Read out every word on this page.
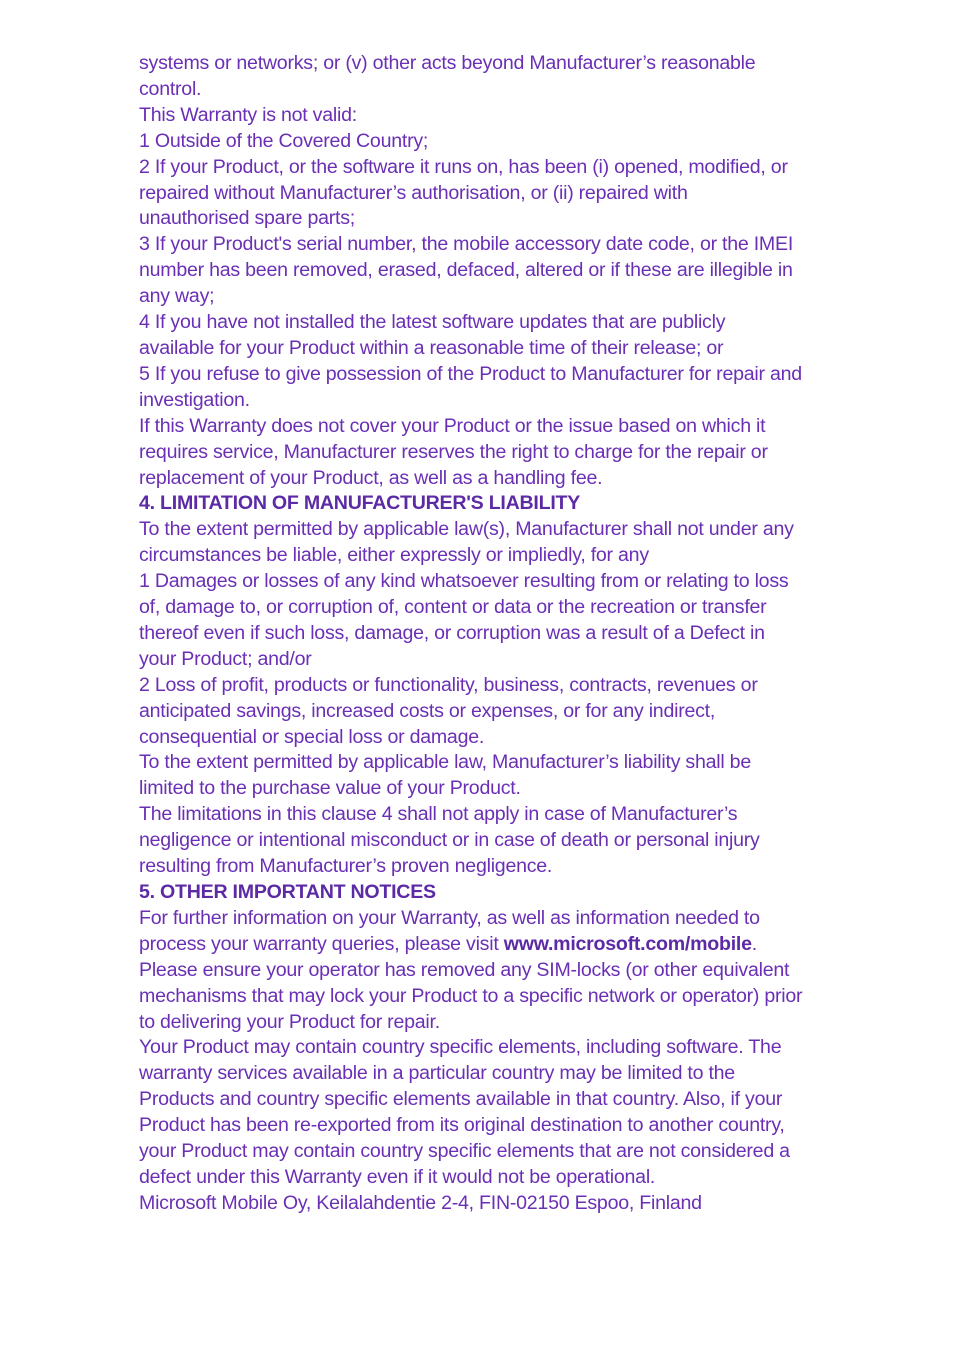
systems or networks; or (v) other acts beyond Manufacturer’s reasonable control.

This Warranty is not valid:

1 Outside of the Covered Country;

2 If your Product, or the software it runs on, has been (i) opened, modified, or repaired without Manufacturer’s authorisation, or (ii) repaired with unauthorised spare parts;

3 If your Product's serial number, the mobile accessory date code, or the IMEI number has been removed, erased, defaced, altered or if these are illegible in any way;

4 If you have not installed the latest software updates that are publicly available for your Product within a reasonable time of their release; or

5 If you refuse to give possession of the Product to Manufacturer for repair and investigation.

If this Warranty does not cover your Product or the issue based on which it requires service, Manufacturer reserves the right to charge for the repair or replacement of your Product, as well as a handling fee.

4. LIMITATION OF MANUFACTURER'S LIABILITY

To the extent permitted by applicable law(s), Manufacturer shall not under any circumstances be liable, either expressly or impliedly, for any

1 Damages or losses of any kind whatsoever resulting from or relating to loss of, damage to, or corruption of, content or data or the recreation or transfer thereof even if such loss, damage, or corruption was a result of a Defect in your Product; and/or

2 Loss of profit, products or functionality, business, contracts, revenues or anticipated savings, increased costs or expenses, or for any indirect, consequential or special loss or damage.

To the extent permitted by applicable law, Manufacturer’s liability shall be limited to the purchase value of your Product.

The limitations in this clause 4 shall not apply in case of Manufacturer’s negligence or intentional misconduct or in case of death or personal injury resulting from Manufacturer’s proven negligence.

5. OTHER IMPORTANT NOTICES

For further information on your Warranty, as well as information needed to process your warranty queries, please visit www.microsoft.com/mobile.

Please ensure your operator has removed any SIM-locks (or other equivalent mechanisms that may lock your Product to a specific network or operator) prior to delivering your Product for repair.

Your Product may contain country specific elements, including software. The warranty services available in a particular country may be limited to the Products and country specific elements available in that country. Also, if your Product has been re-exported from its original destination to another country, your Product may contain country specific elements that are not considered a defect under this Warranty even if it would not be operational.

Microsoft Mobile Oy, Keilalahdentie 2-4, FIN-02150 Espoo, Finland
